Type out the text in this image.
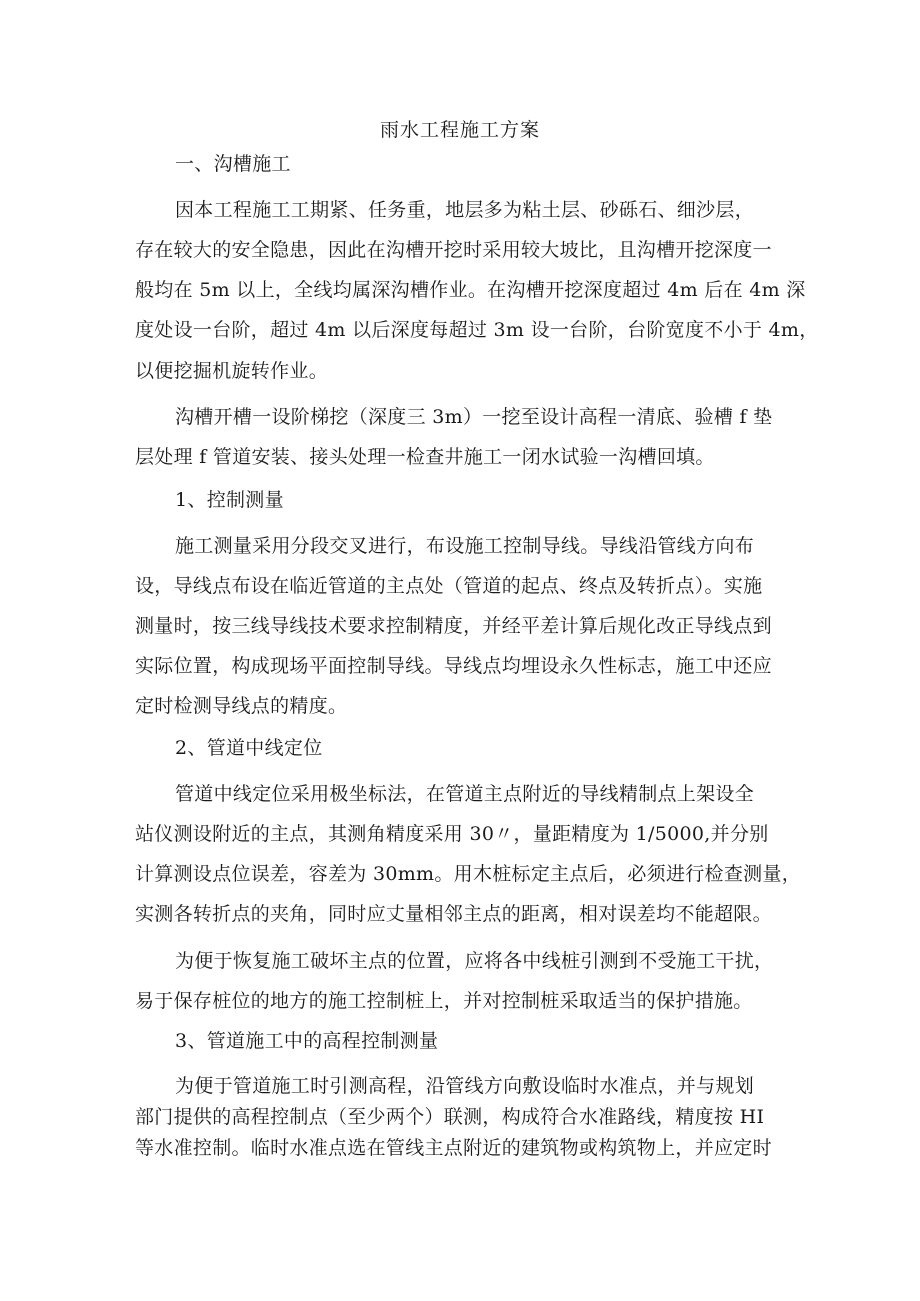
雨水工程施工方案
一、沟槽施工
因本工程施工工期紧、任务重，地层多为粘土层、砂砾石、细沙层，
存在较大的安全隐患，因此在沟槽开挖时采用较大坡比，且沟槽开挖深度一
般均在 5m 以上，全线均属深沟槽作业。在沟槽开挖深度超过 4m 后在 4m 深
度处设一台阶，超过 4m 以后深度每超过 3m 设一台阶，台阶宽度不小于 4m，
以便挖掘机旋转作业。
沟槽开槽一设阶梯挖（深度三 3m）一挖至设计高程一清底、验槽 f 垫
层处理 f 管道安装、接头处理一检查井施工一闭水试验一沟槽回填。
1、控制测量
施工测量采用分段交叉进行，布设施工控制导线。导线沿管线方向布
设，导线点布设在临近管道的主点处（管道的起点、终点及转折点）。实施
测量时，按三线导线技术要求控制精度，并经平差计算后规化改正导线点到
实际位置，构成现场平面控制导线。导线点均埋设永久性标志，施工中还应
定时检测导线点的精度。
2、管道中线定位
管道中线定位采用极坐标法，在管道主点附近的导线精制点上架设全
站仪测设附近的主点，其测角精度采用 30〃，量距精度为 1/5000,并分别
计算测设点位误差，容差为 30mm。用木桩标定主点后，必须进行检查测量，
实测各转折点的夹角，同时应丈量相邻主点的距离，相对误差均不能超限。
为便于恢复施工破坏主点的位置，应将各中线桩引测到不受施工干扰，
易于保存桩位的地方的施工控制桩上，并对控制桩采取适当的保护措施。
3、管道施工中的高程控制测量
为便于管道施工时引测高程，沿管线方向敷设临时水准点，并与规划
部门提供的高程控制点（至少两个）联测，构成符合水准路线，精度按 HI
等水准控制。临时水准点选在管线主点附近的建筑物或构筑物上，并应定时
